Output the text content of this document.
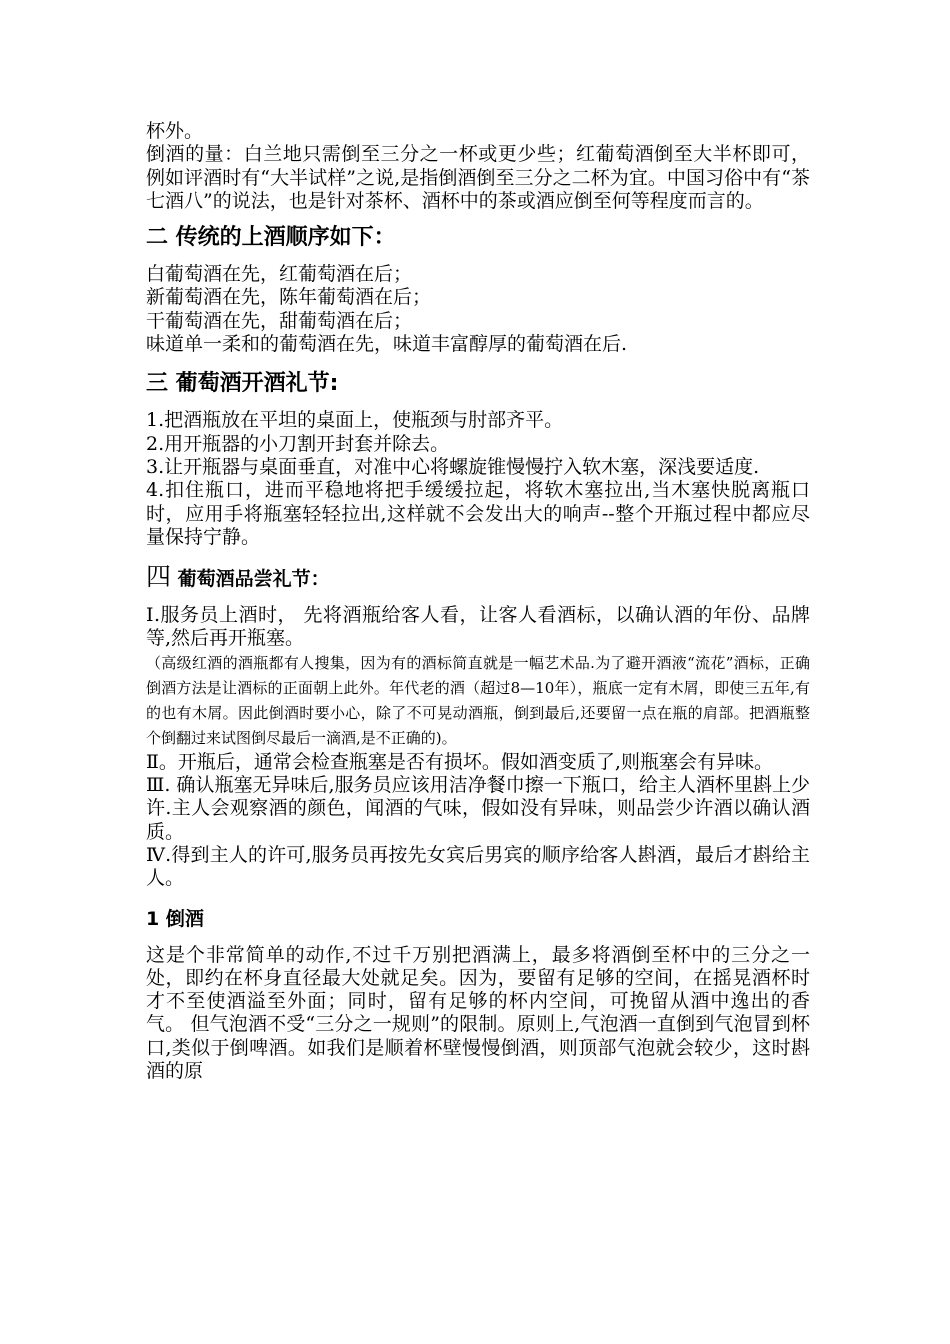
杯外。

倒酒的量：白兰地只需倒至三分之一杯或更少些；红葡萄酒倒至大半杯即可，例如评酒时有“大半试样”之说,是指倒酒倒至三分之二杯为宜。中国习俗中有“茶七酒八”的说法，也是针对茶杯、酒杯中的茶或酒应倒至何等程度而言的。

二 传统的上酒顺序如下：

白葡萄酒在先，红葡萄酒在后；

新葡萄酒在先，陈年葡萄酒在后；

干葡萄酒在先，甜葡萄酒在后；

味道单一柔和的葡萄酒在先，味道丰富醇厚的葡萄酒在后.

三 葡萄酒开酒礼节:

1.把酒瓶放在平坦的桌面上，使瓶颈与肘部齐平。

2.用开瓶器的小刀割开封套并除去。

3.让开瓶器与桌面垂直，对准中心将螺旋锥慢慢拧入软木塞，深浅要适度.

4.扣住瓶口，进而平稳地将把手缓缓拉起，将软木塞拉出,当木塞快脱离瓶口时，应用手将瓶塞轻轻拉出,这样就不会发出大的响声--整个开瓶过程中都应尽量保持宁静。

四 葡萄酒品尝礼节：

Ⅰ.服务员上酒时， 先将酒瓶给客人看，让客人看酒标，以确认酒的年份、品牌等,然后再开瓶塞。

（高级红酒的酒瓶都有人搜集，因为有的酒标简直就是一幅艺术品.为了避开酒液“流花”酒标，正确倒酒方法是让酒标的正面朝上此外。年代老的酒（超过8—10年），瓶底一定有木屑，即使三五年,有的也有木屑。因此倒酒时要小心，除了不可晃动酒瓶，倒到最后,还要留一点在瓶的肩部。把酒瓶整个倒翻过来试图倒尽最后一滴酒,是不正确的)。

Ⅱ。开瓶后，通常会检查瓶塞是否有损坏。假如酒变质了,则瓶塞会有异味。

Ⅲ. 确认瓶塞无异味后,服务员应该用洁净餐巾擦一下瓶口，给主人酒杯里斟上少许.主人会观察酒的颜色，闻酒的气味，假如没有异味，则品尝少许酒以确认酒质。

Ⅳ.得到主人的许可,服务员再按先女宾后男宾的顺序给客人斟酒，最后才斟给主人。

1 倒酒

这是个非常简单的动作,不过千万别把酒满上，最多将酒倒至杯中的三分之一处，即约在杯身直径最大处就足矣。因为，要留有足够的空间，在摇晃酒杯时才不至使酒溢至外面；同时，留有足够的杯内空间，可挽留从酒中逸出的香气。 但气泡酒不受“三分之一规则”的限制。原则上,气泡酒一直倒到气泡冒到杯口,类似于倒啤酒。如我们是顺着杯壁慢慢倒酒，则顶部气泡就会较少，这时斟酒的原
